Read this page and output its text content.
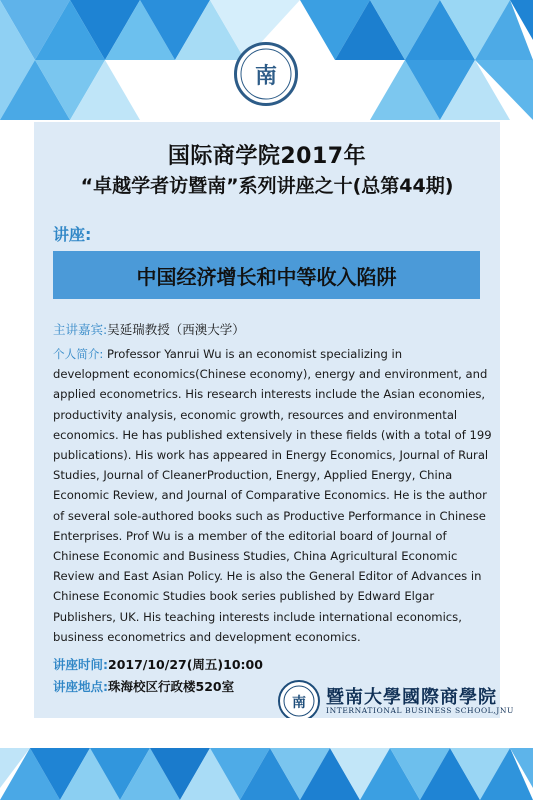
南
国际商学院2017年
“卓越学者访暨南”系列讲座之十(总第44期)
讲座:
中国经济增长和中等收入陷阱
主讲嘉宾:吴延瑞教授（西澳大学）
个人简介: Professor Yanrui Wu is an economist specializing in
development economics(Chinese economy), energy and environment, and
applied econometrics. His research interests include the Asian economies,
productivity analysis, economic growth, resources and environmental
economics. He has published extensively in these fields (with a total of 199
publications). His work has appeared in Energy Economics, Journal of Rural
Studies, Journal of CleanerProduction, Energy, Applied Energy, China
Economic Review, and Journal of Comparative Economics. He is the author
of several sole-authored books such as Productive Performance in Chinese
Enterprises. Prof Wu is a member of the editorial board of Journal of
Chinese Economic and Business Studies, China Agricultural Economic
Review and East Asian Policy. He is also the General Editor of Advances in
Chinese Economic Studies book series published by Edward Elgar
Publishers, UK. His teaching interests include international economics,
business econometrics and development economics.
讲座时间:2017/10/27(周五)10:00
讲座地点:珠海校区行政楼520室
南 暨南大學國際商學院
INTERNATIONAL BUSINESS SCHOOL,JNU
